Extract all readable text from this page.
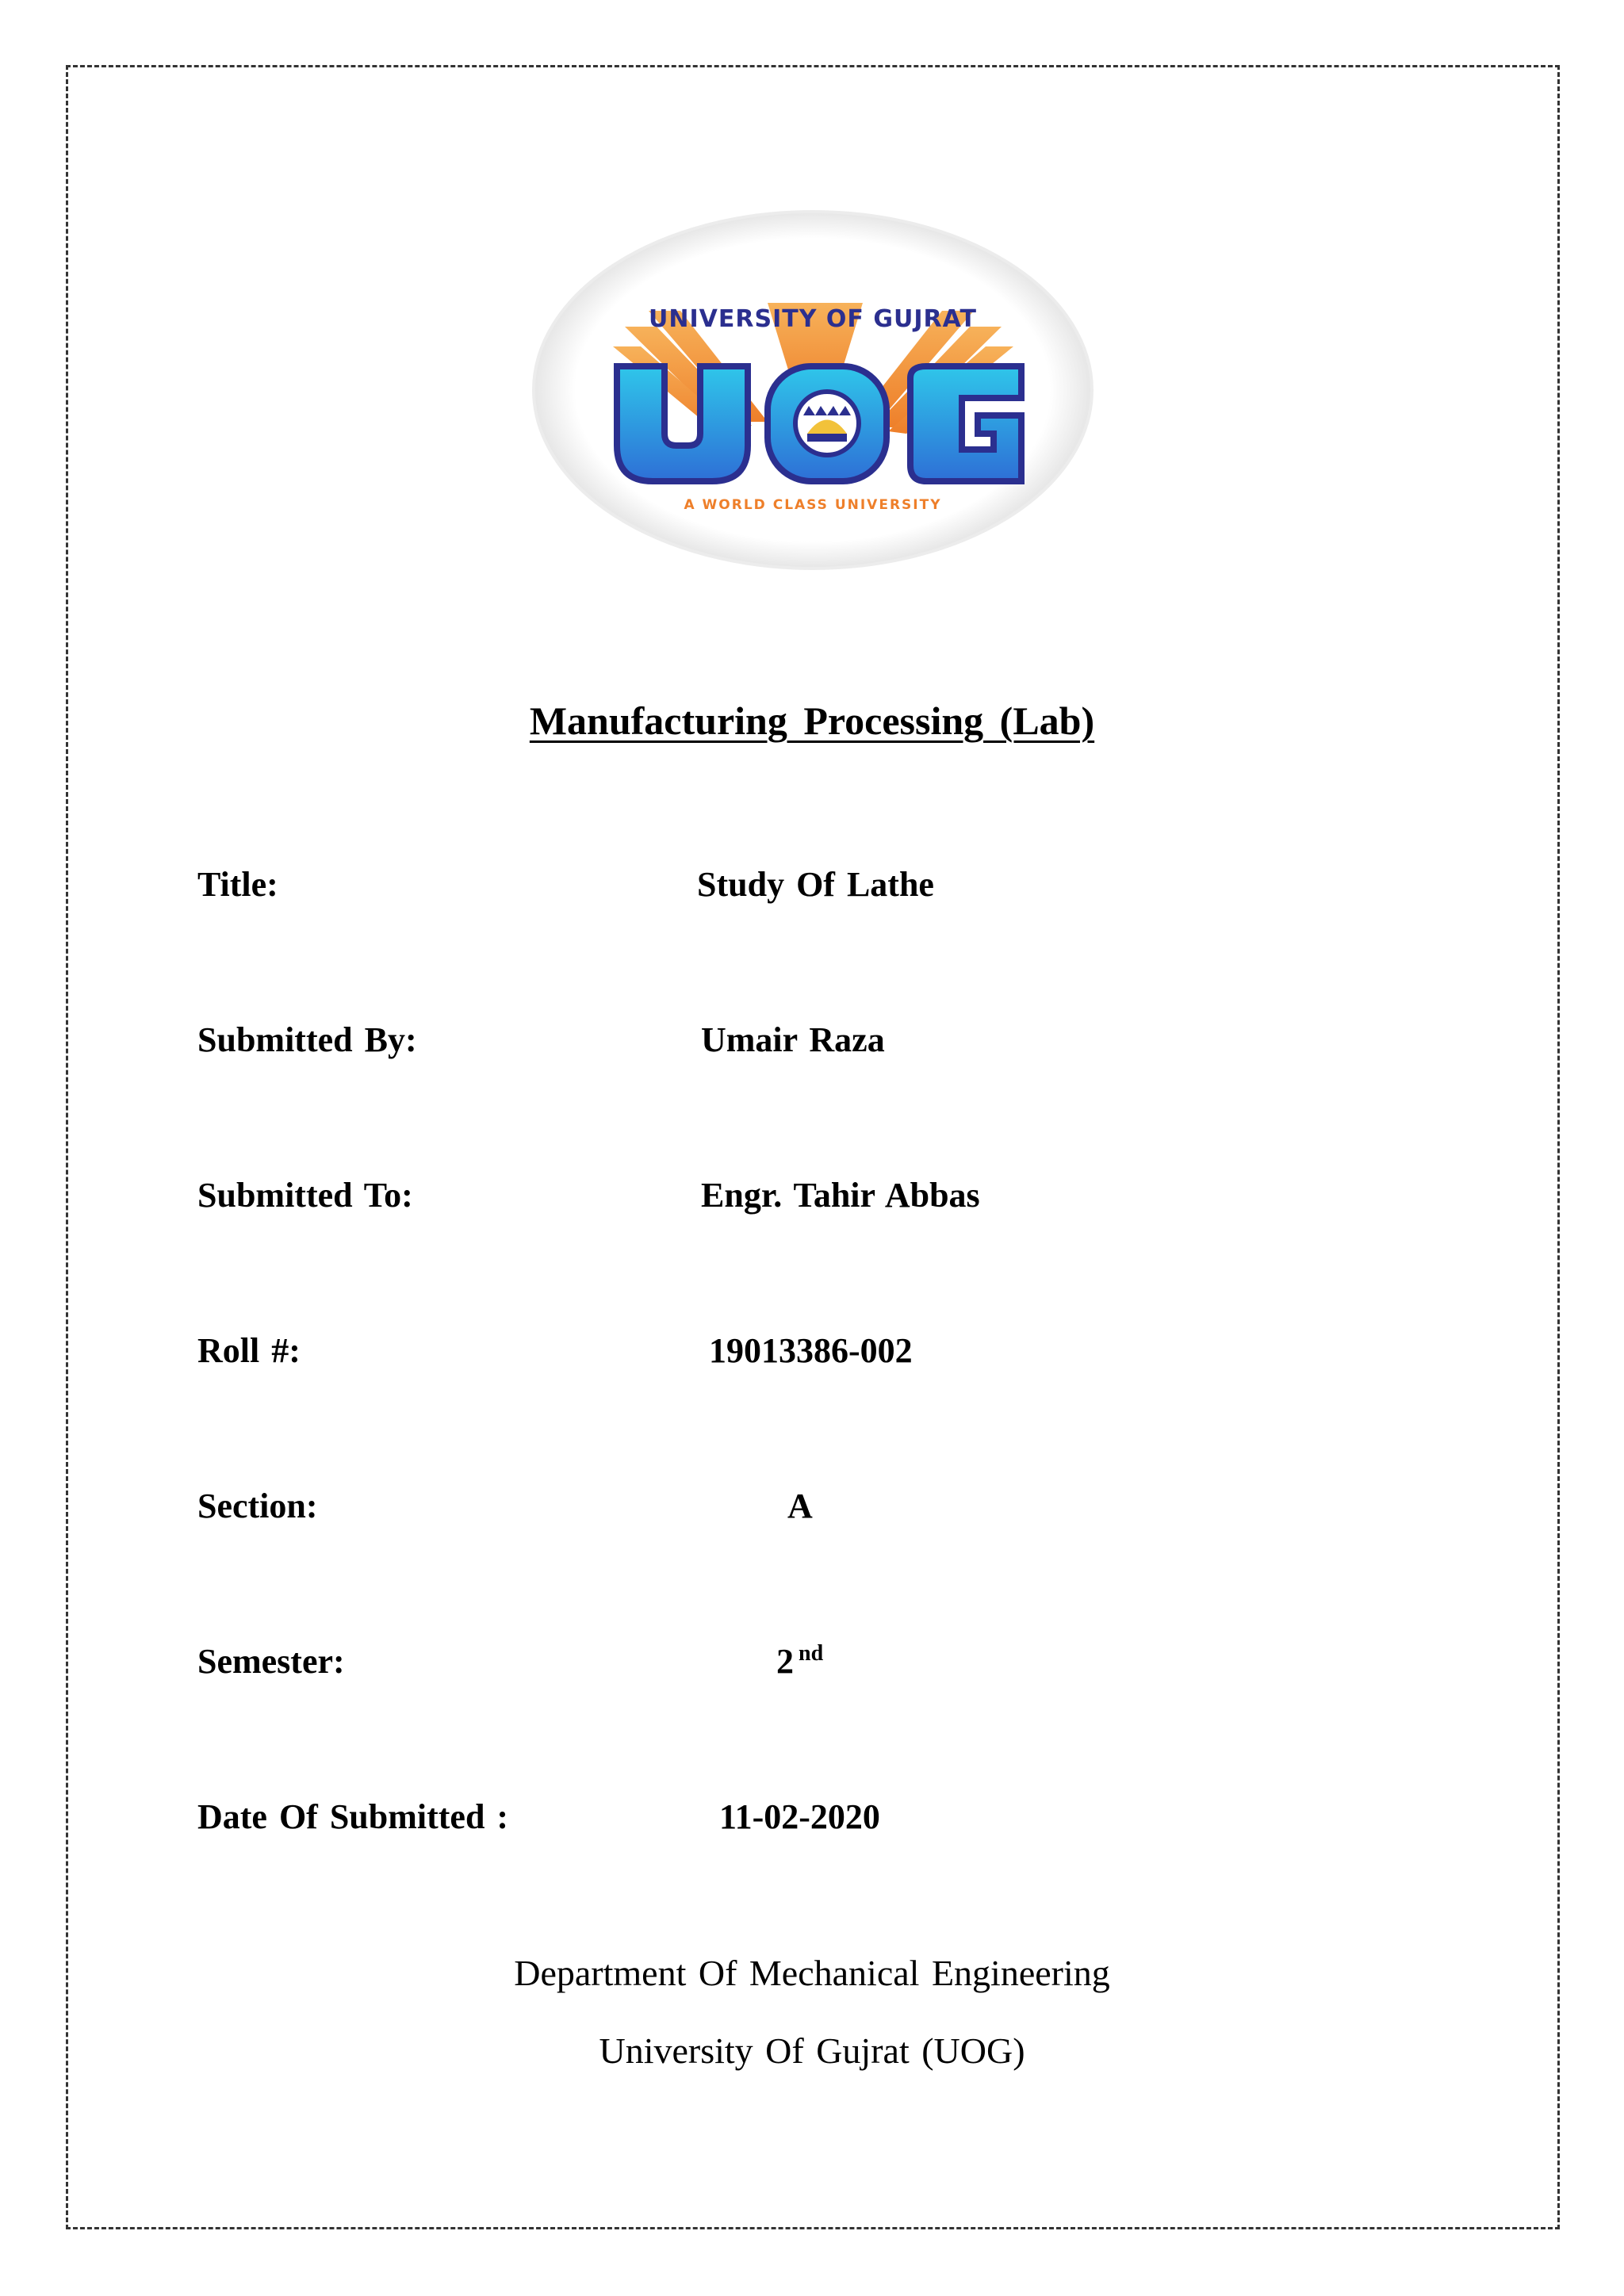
UNIVERSITY OF GUJRAT
A WORLD CLASS UNIVERSITY
Manufacturing Processing (Lab)
Title:	Study Of Lathe
Submitted By:	Umair Raza
Submitted To:	Engr. Tahir Abbas
Roll #:	19013386-002
Section:	A
Semester:	2 $^{nd}$
Date Of Submitted :	11-02-2020
Department Of Mechanical Engineering
University Of Gujrat (UOG)
